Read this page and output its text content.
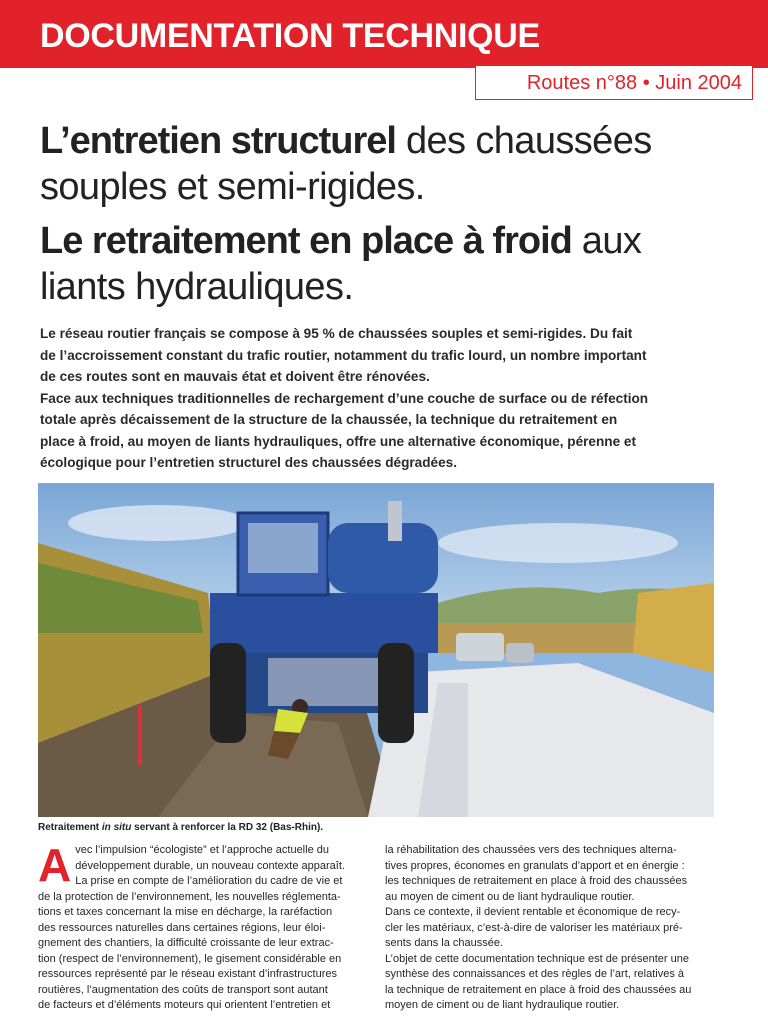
DOCUMENTATION TECHNIQUE
Routes n°88 • Juin 2004
L’entretien structurel des chaussées
souples et semi-rigides.
Le retraitement en place à froid aux
liants hydrauliques.

Le réseau routier français se compose à 95 % de chaussées souples et semi-rigides. Du fait

de l’accroissement constant du trafic routier, notamment du trafic lourd, un nombre important

de ces routes sont en mauvais état et doivent être rénovées.

Face aux techniques traditionnelles de rechargement d’une couche de surface ou de réfection

totale après décaissement de la structure de la chaussée, la technique du retraitement en

place à froid, au moyen de liants hydrauliques, offre une alternative économique, pérenne et

écologique pour l’entretien structurel des chaussées dégradées.

Retraitement in situ servant à renforcer la RD 32 (Bas-Rhin).
A vec l’impulsion “écologiste” et l’approche actuelle du

développement durable, un nouveau contexte apparaît.

La prise en compte de l’amélioration du cadre de vie et

de la protection de l’environnement, les nouvelles réglementa-

tions et taxes concernant la mise en décharge, la raréfaction

des ressources naturelles dans certaines régions, leur éloi-

gnement des chantiers, la difficulté croissante de leur extrac-

tion (respect de l’environnement), le gisement considérable en

ressources représenté par le réseau existant d’infrastructures

routières, l’augmentation des coûts de transport sont autant

de facteurs et d’éléments moteurs qui orientent l’entretien et

la réhabilitation des chaussées vers des techniques alterna-

tives propres, économes en granulats d’apport et en énergie :

les techniques de retraitement en place à froid des chaussées

au moyen de ciment ou de liant hydraulique routier.

Dans ce contexte, il devient rentable et économique de recy-

cler les matériaux, c’est-à-dire de valoriser les matériaux pré-

sents dans la chaussée.

L’objet de cette documentation technique est de présenter une

synthèse des connaissances et des règles de l’art, relatives à

la technique de retraitement en place à froid des chaussées au

moyen de ciment ou de liant hydraulique routier.
